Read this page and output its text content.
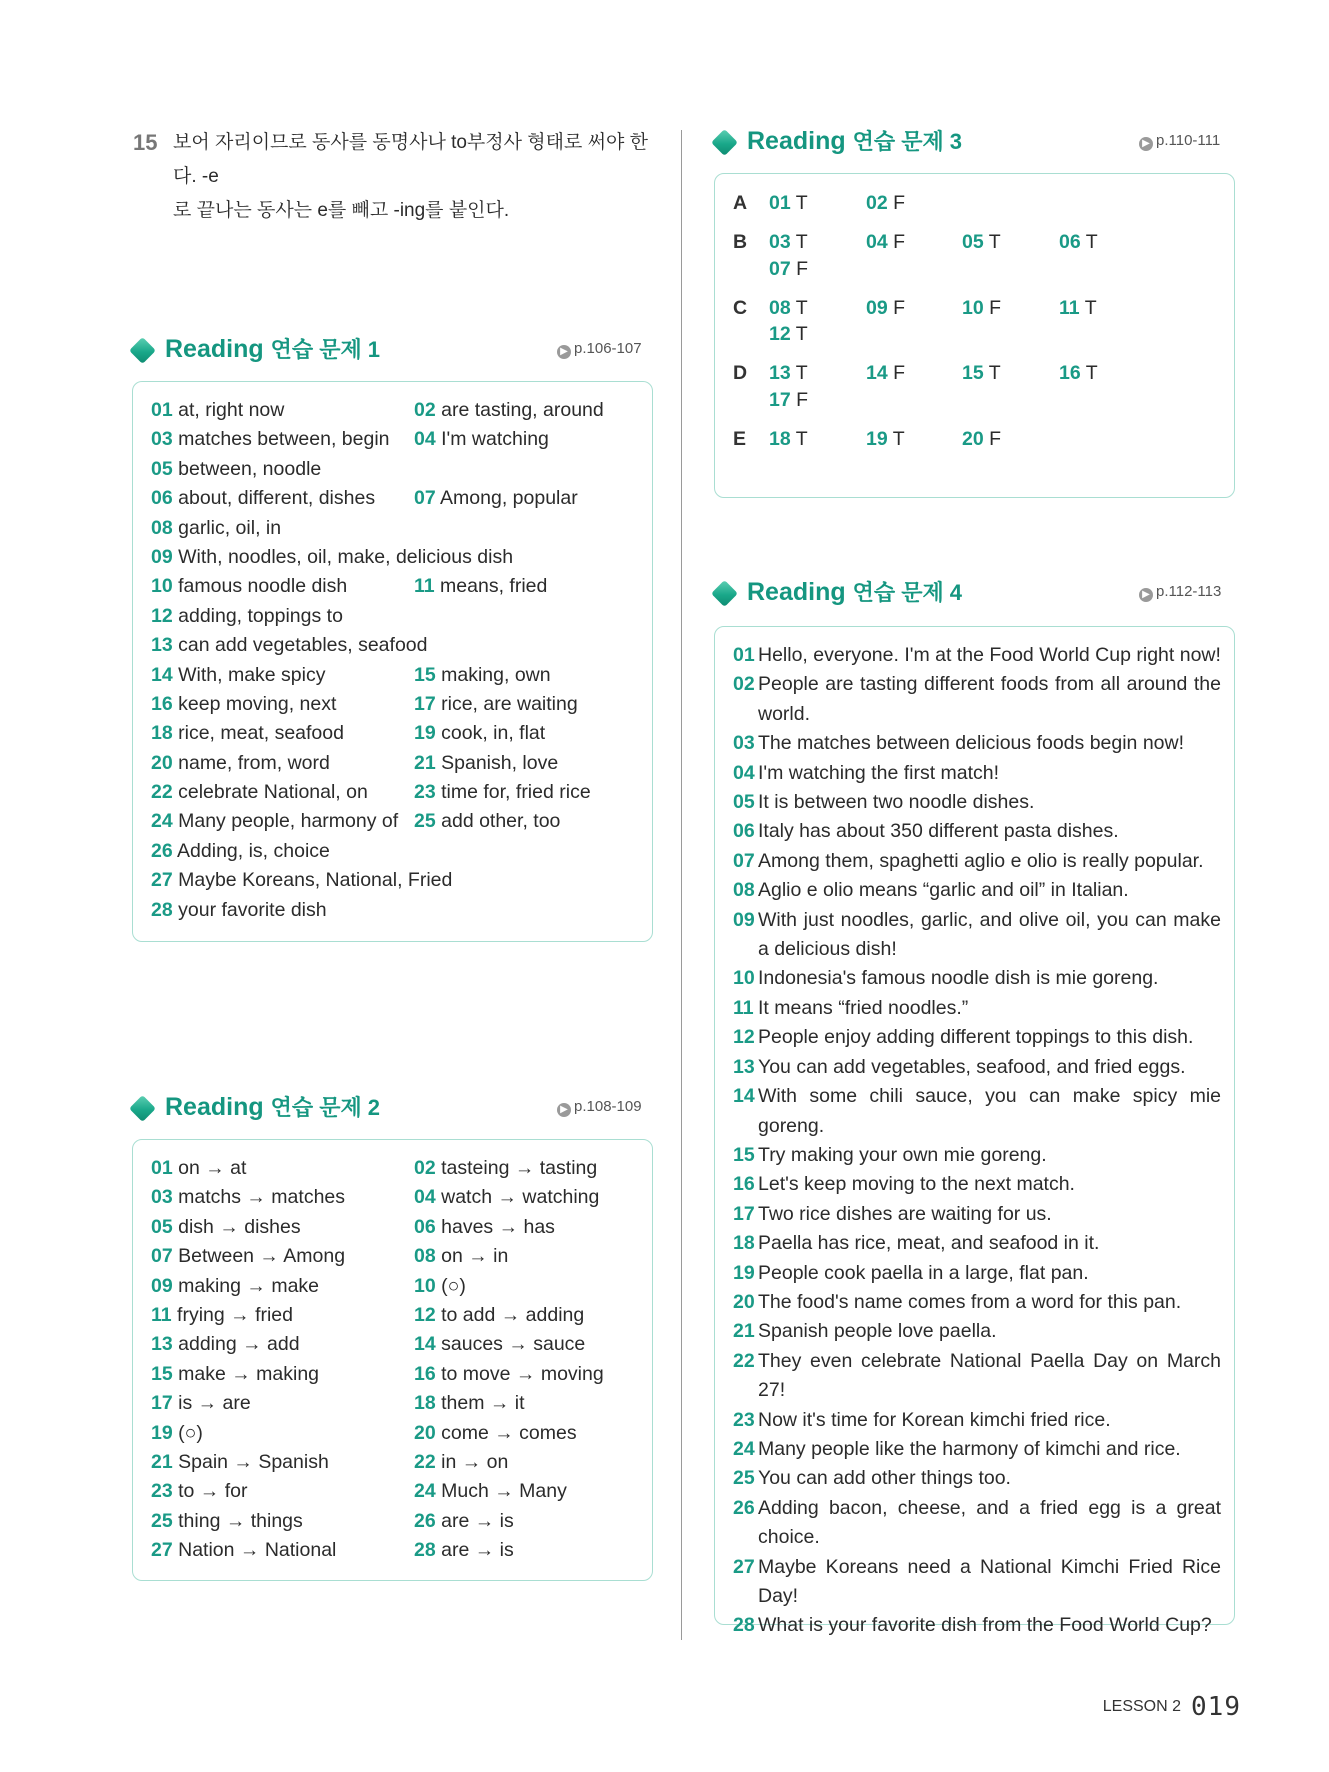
15 보어 자리이므로 동사를 동명사나 to부정사 형태로 써야 한다. -e
로 끝나는 동사는 e를 빼고 -ing를 붙인다.
Reading 연습 문제 1	▶ p.106-107
01 at, right now	02 are tasting, around
03 matches between, begin 04 I'm watching
05 between, noodle
06 about, different, dishes 07 Among, popular
08 garlic, oil, in
09 With, noodles, oil, make, delicious dish
10 famous noodle dish	11 means, fried
12 adding, toppings to
13 can add vegetables, seafood
14 With, make spicy	15 making, own
16 keep moving, next	17 rice, are waiting
18 rice, meat, seafood	19 cook, in, flat
20 name, from, word	21 Spanish, love
22 celebrate National, on 23 time for, fried rice
24 Many people, harmony of 25 add other, too
26 Adding, is, choice
27 Maybe Koreans, National, Fried
28 your favorite dish
Reading 연습 문제 2	▶ p.108-109
01 on → at	02 tasteing → tasting
03 matchs → matches	04 watch → watching
05 dish → dishes	06 haves → has
07 Between → Among	08 on → in
09 making → make	10 (○)
11 frying → fried	12 to add → adding
13 adding → add	14 sauces → sauce
15 make → making	16 to move → moving
17 is → are	18 them → it
19 (○)	20 come → comes
21 Spain → Spanish	22 in → on
23 to → for	24 Much → Many
25 thing → things	26 are → is
27 Nation → National	28 are → is
Reading 연습 문제 3	▶ p.110-111
A 01 T	02 F
B 03 T	04 F	05 T	06 T
07 F
C 08 T	09 F	10 F	11 T
12 T
D 13 T	14 F	15 T	16 T
17 F
E 18 T	19 T	20 F
Reading 연습 문제 4	▶ p.112-113
01 Hello, everyone. I'm at the Food World Cup right now!
02 People are tasting different foods from all around the world.
03 The matches between delicious foods begin now!
04 I'm watching the first match!
05 It is between two noodle dishes.
06 Italy has about 350 different pasta dishes.
07 Among them, spaghetti aglio e olio is really popular.
08 Aglio e olio means “garlic and oil” in Italian.
09 With just noodles, garlic, and olive oil, you can make a delicious dish!
10 Indonesia's famous noodle dish is mie goreng.
11 It means “fried noodles.”
12 People enjoy adding different toppings to this dish.
13 You can add vegetables, seafood, and fried eggs.
14 With some chili sauce, you can make spicy mie goreng.
15 Try making your own mie goreng.
16 Let's keep moving to the next match.
17 Two rice dishes are waiting for us.
18 Paella has rice, meat, and seafood in it.
19 People cook paella in a large, flat pan.
20 The food's name comes from a word for this pan.
21 Spanish people love paella.
22 They even celebrate National Paella Day on March 27!
23 Now it's time for Korean kimchi fried rice.
24 Many people like the harmony of kimchi and rice.
25 You can add other things too.
26 Adding bacon, cheese, and a fried egg is a great choice.
27 Maybe Koreans need a National Kimchi Fried Rice Day!
28 What is your favorite dish from the Food World Cup?
LESSON 2 019
